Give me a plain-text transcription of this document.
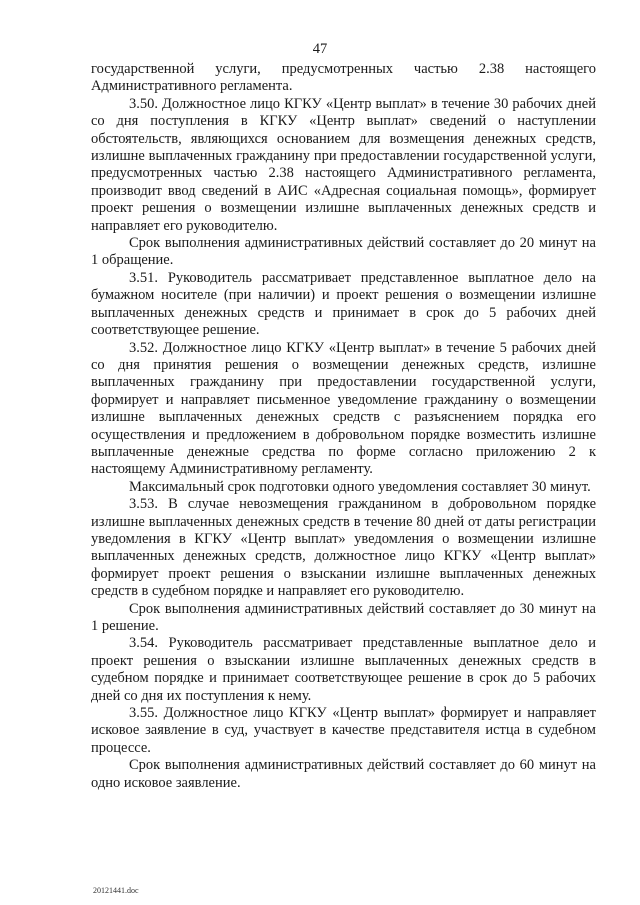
47

государственной услуги, предусмотренных частью 2.38 настоящего Административного регламента.

3.50. Должностное лицо КГКУ «Центр выплат» в течение 30 рабочих дней со дня поступления в КГКУ «Центр выплат» сведений о наступлении обстоятельств, являющихся основанием для возмещения денежных средств, излишне выплаченных гражданину при предоставлении государственной услуги, предусмотренных частью 2.38 настоящего Административного регламента, производит ввод сведений в АИС «Адресная социальная помощь», формирует проект решения о возмещении излишне выплаченных денежных средств и направляет его руководителю.

Срок выполнения административных действий составляет до 20 минут на 1 обращение.

3.51. Руководитель рассматривает представленное выплатное дело на бумажном носителе (при наличии) и проект решения о возмещении излишне выплаченных денежных средств и принимает в срок до 5 рабочих дней соответствующее решение.

3.52. Должностное лицо КГКУ «Центр выплат» в течение 5 рабочих дней со дня принятия решения о возмещении денежных средств, излишне выплаченных гражданину при предоставлении государственной услуги, формирует и направляет письменное уведомление гражданину о возмещении излишне выплаченных денежных средств с разъяснением порядка его осуществления и предложением в добровольном порядке возместить излишне выплаченные денежные средства по форме согласно приложению 2 к настоящему Административному регламенту.

Максимальный срок подготовки одного уведомления составляет 30 минут.

3.53. В случае невозмещения гражданином в добровольном порядке излишне выплаченных денежных средств в течение 80 дней от даты регистрации уведомления в КГКУ «Центр выплат» уведомления о возмещении излишне выплаченных денежных средств, должностное лицо КГКУ «Центр выплат» формирует проект решения о взыскании излишне выплаченных денежных средств в судебном порядке и направляет его руководителю.

Срок выполнения административных действий составляет до 30 минут на 1 решение.

3.54. Руководитель рассматривает представленные выплатное дело и проект решения о взыскании излишне выплаченных денежных средств в судебном порядке и принимает соответствующее решение в срок до 5 рабочих дней со дня их поступления к нему.

3.55. Должностное лицо КГКУ «Центр выплат» формирует и направляет исковое заявление в суд, участвует в качестве представителя истца в судебном процессе.

Срок выполнения административных действий составляет до 60 минут на одно исковое заявление.

20121441.doc
